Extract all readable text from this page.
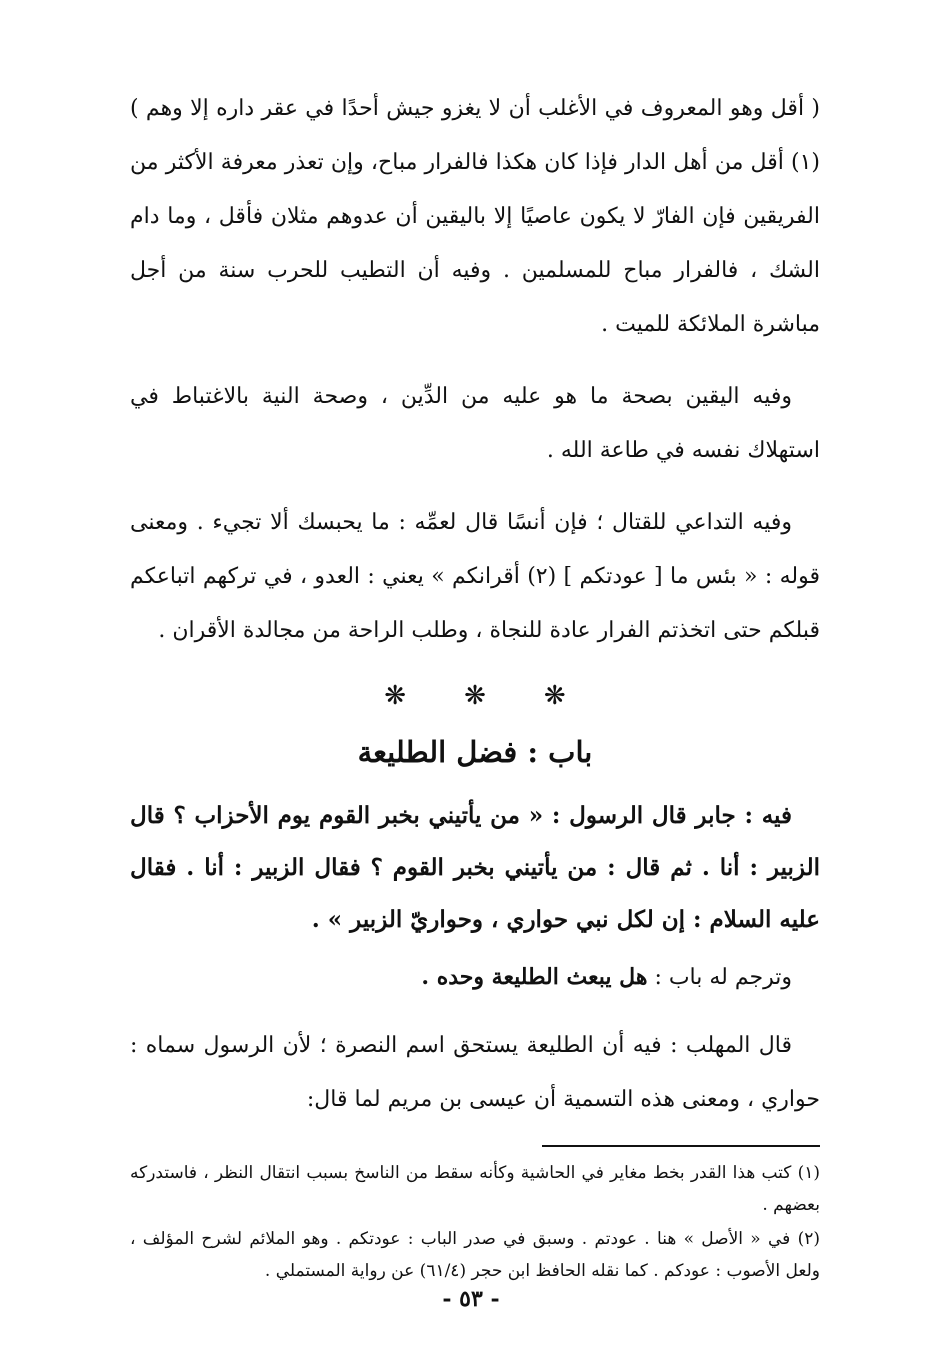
( أقل وهو المعروف في الأغلب أن لا يغزو جيش أحدًا في عقر داره إلا وهم ) (١) أقل من أهل الدار فإذا كان هكذا فالفرار مباح، وإن تعذر معرفة الأكثر من الفريقين فإن الفارّ لا يكون عاصيًا إلا باليقين أن عدوهم مثلان فأقل ، وما دام الشك ، فالفرار مباح للمسلمين . وفيه أن التطيب للحرب سنة من أجل مباشرة الملائكة للميت .

وفيه اليقين بصحة ما هو عليه من الدِّين ، وصحة النية بالاغتباط في استهلاك نفسه في طاعة الله .

وفيه التداعي للقتال ؛ فإن أنسًا قال لعمِّه : ما يحبسك ألا تجيء . ومعنى قوله : « بئس ما [ عودتكم ] (٢) أقرانكم » يعني : العدو ، في تركهم اتباعكم قبلكم حتى اتخذتم الفرار عادة للنجاة ، وطلب الراحة من مجالدة الأقران .

❋ ❋ ❋
باب : فضل الطليعة

فيه : جابر قال الرسول : « من يأتيني بخبر القوم يوم الأحزاب ؟ قال الزبير : أنا . ثم قال : من يأتيني بخبر القوم ؟ فقال الزبير : أنا . فقال عليه السلام : إن لكل نبي حواري ، وحواريّ الزبير » .

وترجم له باب : هل يبعث الطليعة وحده .

قال المهلب : فيه أن الطليعة يستحق اسم النصرة ؛ لأن الرسول سماه : حواري ، ومعنى هذه التسمية أن عيسى بن مريم لما قال:

(١) كتب هذا القدر بخط مغاير في الحاشية وكأنه سقط من الناسخ بسبب انتقال النظر ، فاستدركه بعضهم .

(٢) في « الأصل » هنا . عودتم . وسبق في صدر الباب : عودتكم . وهو الملائم لشرح المؤلف ، ولعل الأصوب : عودكم . كما نقله الحافظ ابن حجر (٦١/٤) عن رواية المستملي .

- ٥٣ -
